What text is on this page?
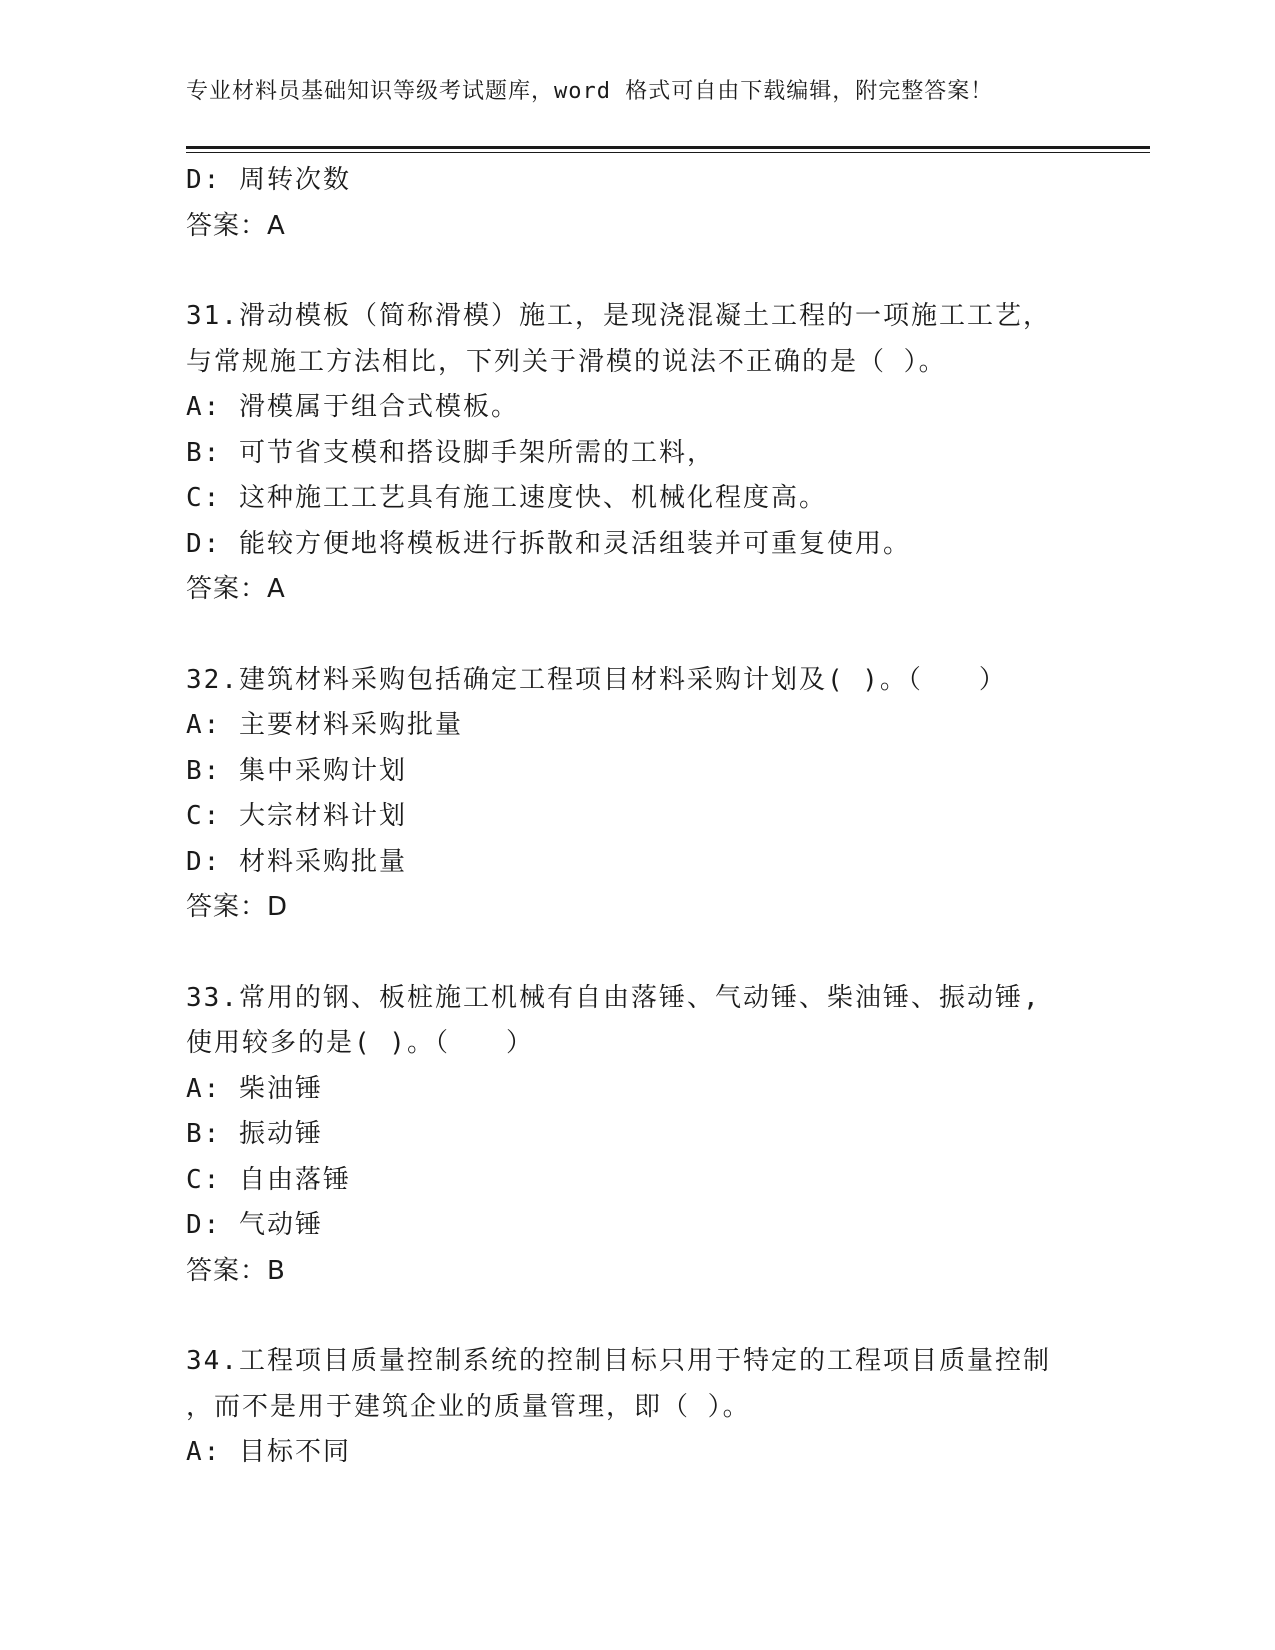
专业材料员基础知识等级考试题库，word 格式可自由下载编辑，附完整答案！
D: 周转次数
答案：A
31.滑动模板（简称滑模）施工，是现浇混凝土工程的一项施工工艺，
与常规施工方法相比，下列关于滑模的说法不正确的是（ ）。
A: 滑模属于组合式模板。
B: 可节省支模和搭设脚手架所需的工料，
C: 这种施工工艺具有施工速度快、机械化程度高。
D: 能较方便地将模板进行拆散和灵活组装并可重复使用。
答案：A
32.建筑材料采购包括确定工程项目材料采购计划及( )。（　　）
A: 主要材料采购批量
B: 集中采购计划
C: 大宗材料计划
D: 材料采购批量
答案：D
33.常用的钢、板桩施工机械有自由落锤、气动锤、柴油锤、振动锤,
使用较多的是( )。（　　）
A: 柴油锤
B: 振动锤
C: 自由落锤
D: 气动锤
答案：B
34.工程项目质量控制系统的控制目标只用于特定的工程项目质量控制
，而不是用于建筑企业的质量管理，即（ ）。
A: 目标不同
